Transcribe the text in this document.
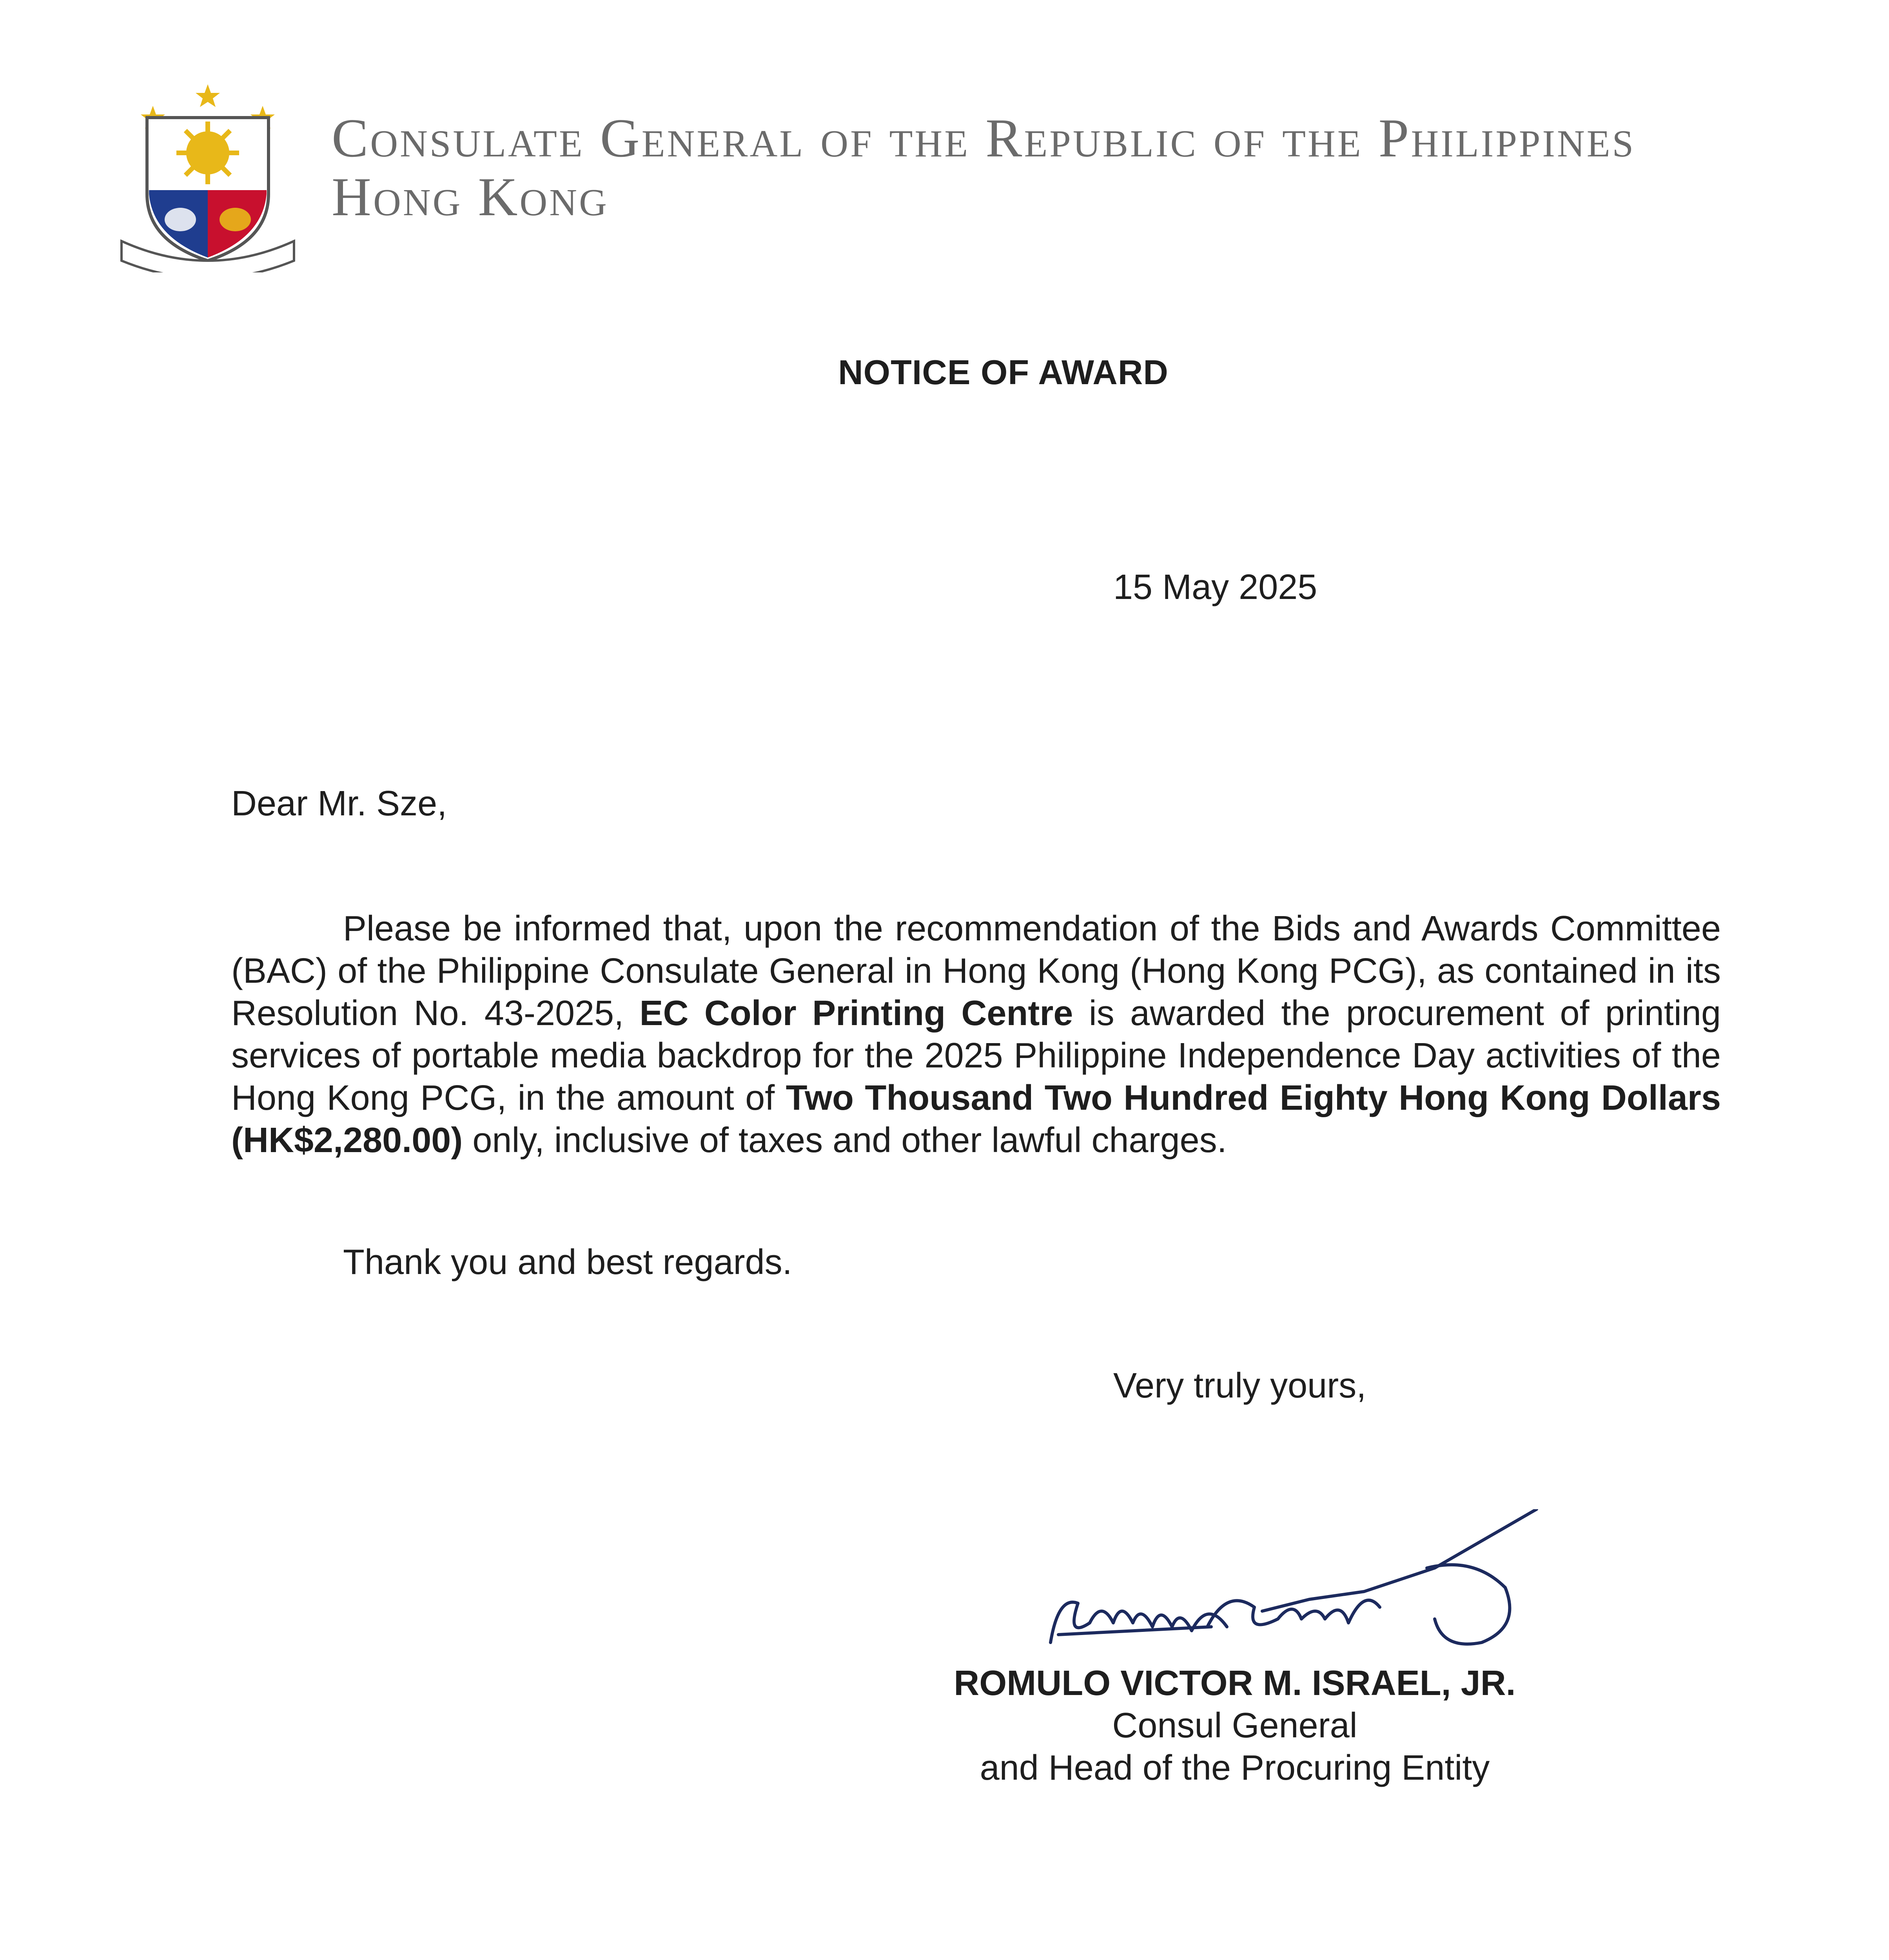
Consulate General of the Republic of the Philippines
Hong Kong
NOTICE OF AWARD
15 May 2025
Dear Mr. Sze,
Please be informed that, upon the recommendation of the Bids and Awards Committee (BAC) of the Philippine Consulate General in Hong Kong (Hong Kong PCG), as contained in its Resolution No. 43-2025, EC Color Printing Centre is awarded the procurement of printing services of portable media backdrop for the 2025 Philippine Independence Day activities of the Hong Kong PCG, in the amount of Two Thousand Two Hundred Eighty Hong Kong Dollars (HK$2,280.00) only, inclusive of taxes and other lawful charges.
Thank you and best regards.
Very truly yours,
ROMULO VICTOR M. ISRAEL, JR.
Consul General
and Head of the Procuring Entity
